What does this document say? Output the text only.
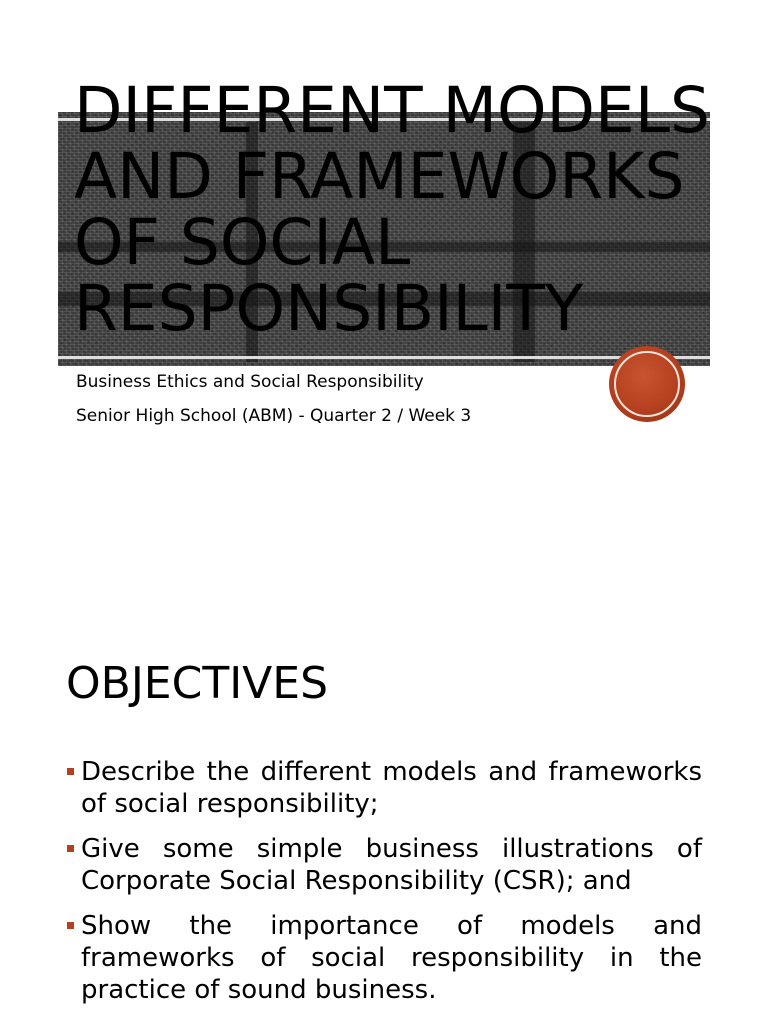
DIFFERENT MODELS AND FRAMEWORKS OF SOCIAL RESPONSIBILITY
Business Ethics and Social Responsibility
Senior High School (ABM) - Quarter 2 / Week 3
OBJECTIVES
Describe the different models and frameworks of social responsibility;
Give some simple business illustrations of Corporate Social Responsibility (CSR); and
Show the importance of models and frameworks of social responsibility in the practice of sound business.
